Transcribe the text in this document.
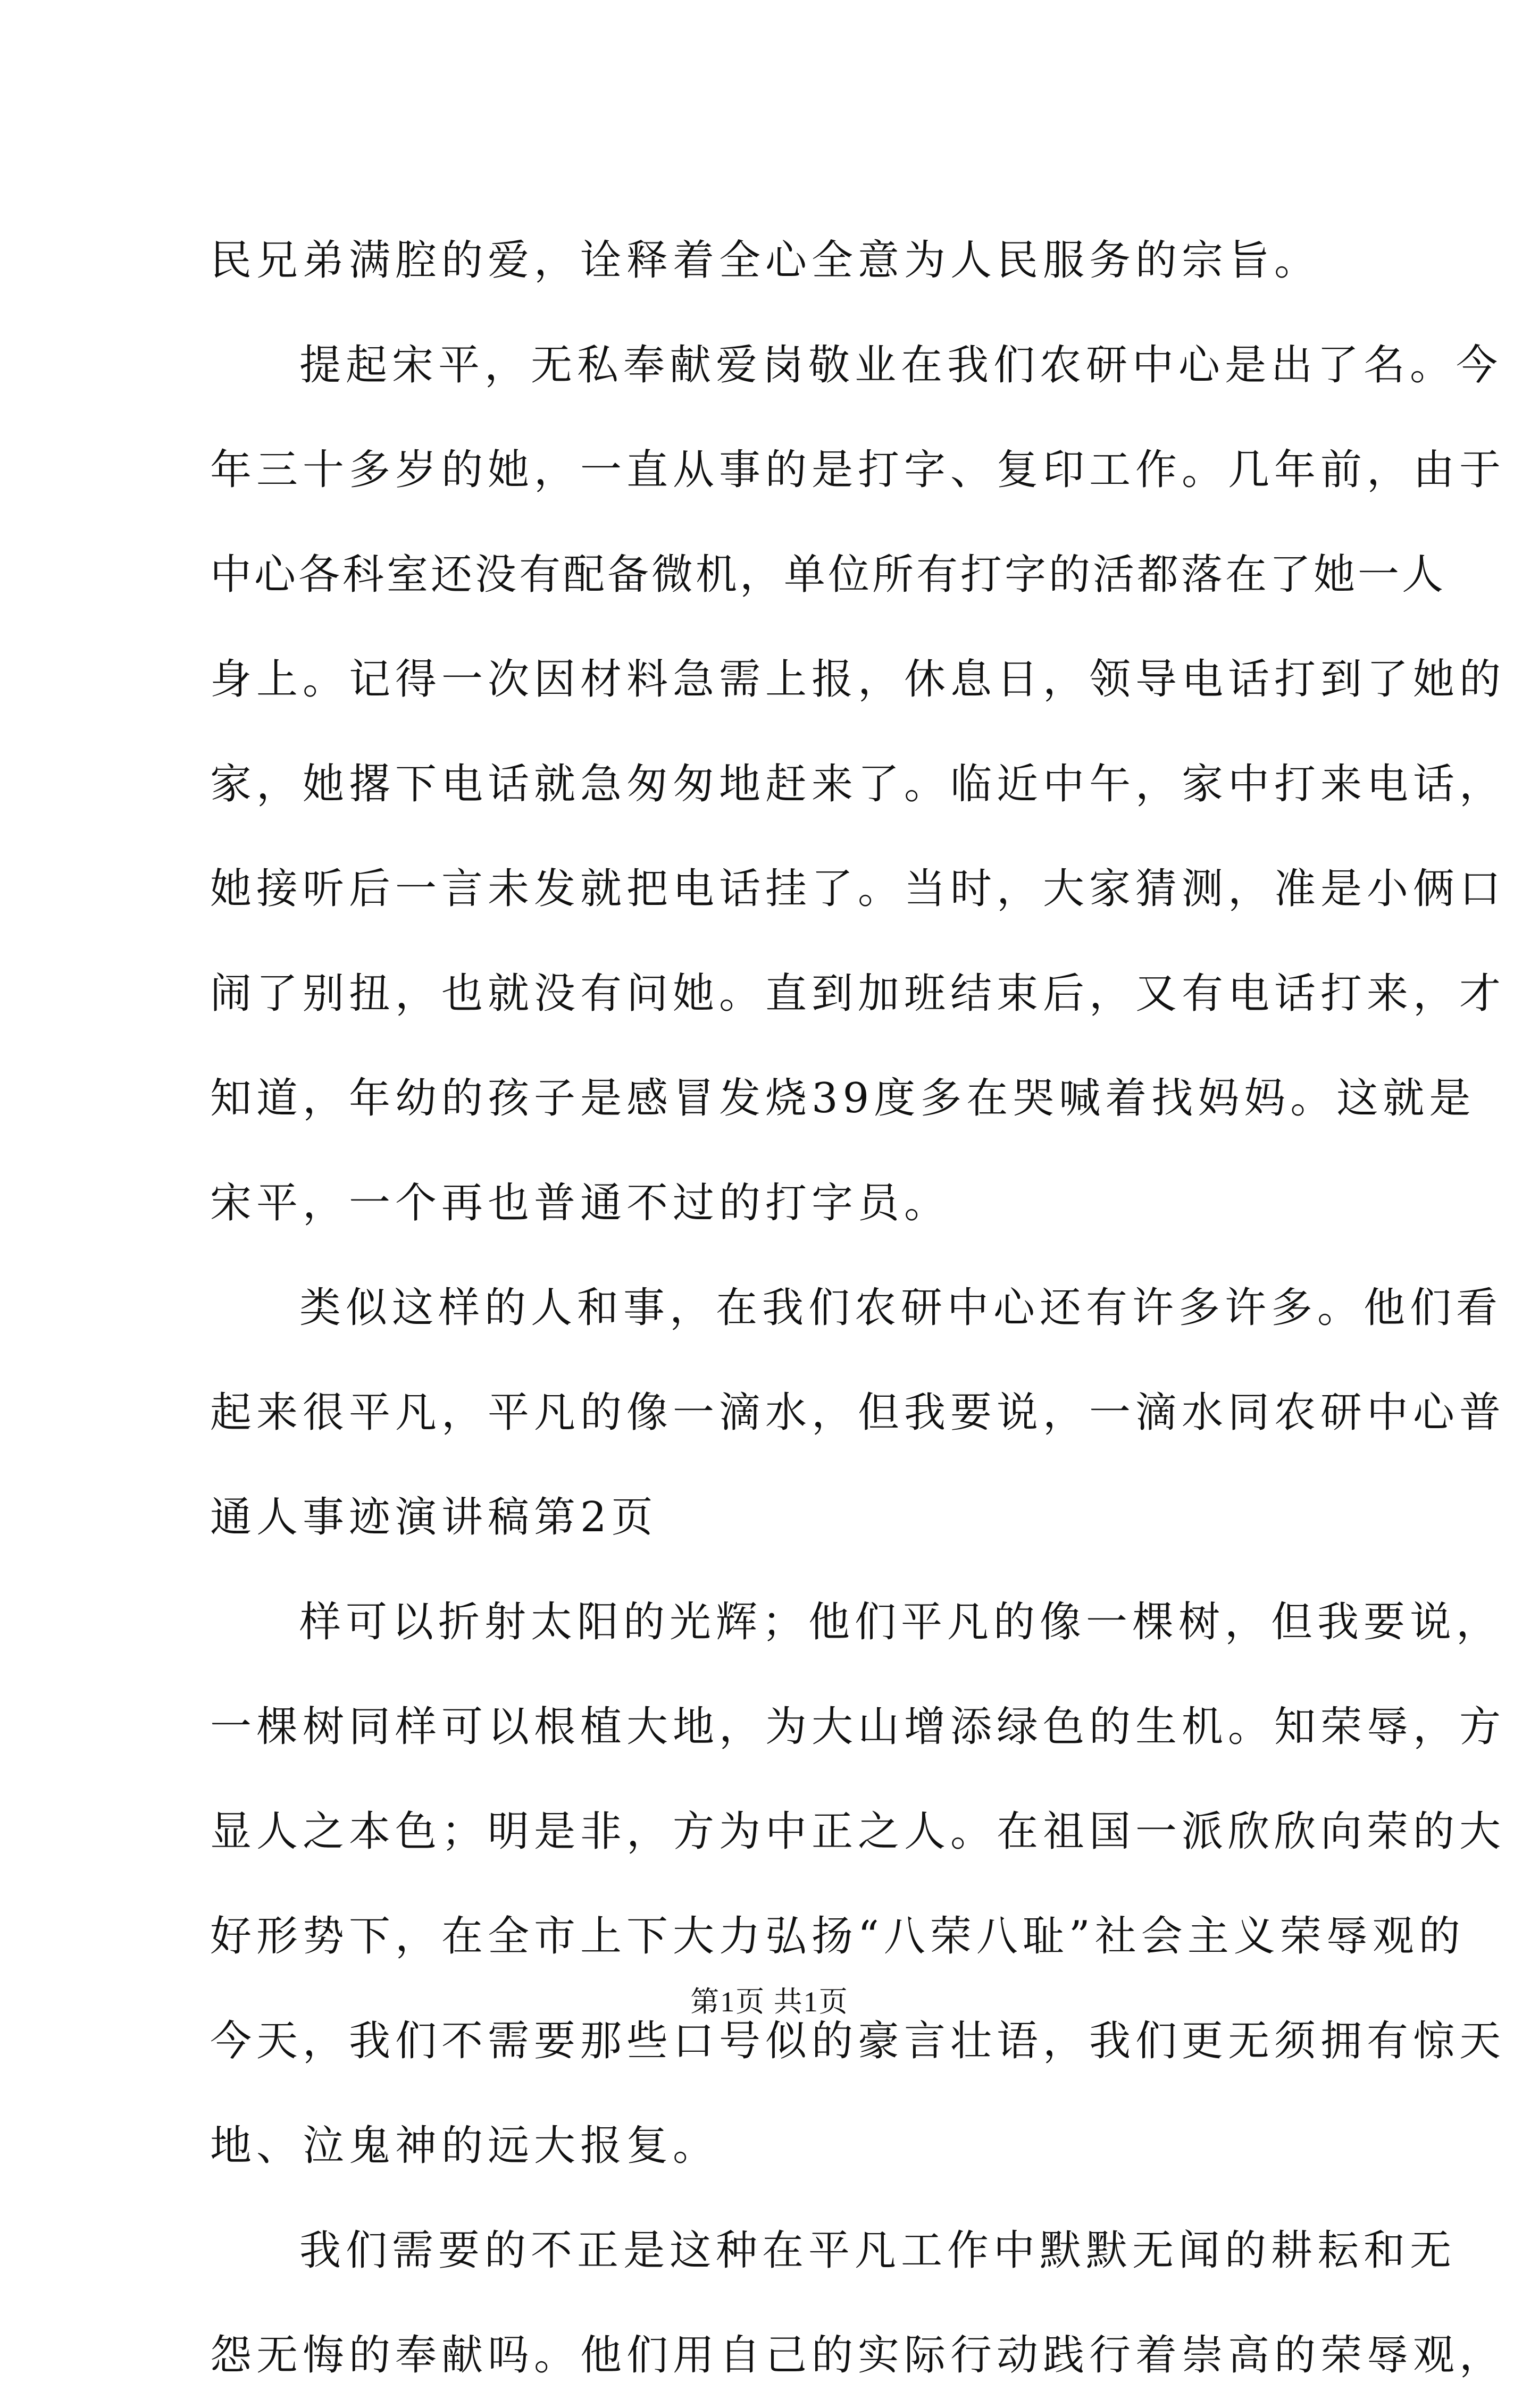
民兄弟满腔的爱，诠释着全心全意为人民服务的宗旨。
提起宋平，无私奉献爱岗敬业在我们农研中心是出了名。今
年三十多岁的她，一直从事的是打字、复印工作。几年前，由于
中心各科室还没有配备微机，单位所有打字的活都落在了她一人
身上。记得一次因材料急需上报，休息日，领导电话打到了她的
家，她撂下电话就急匆匆地赶来了。临近中午，家中打来电话，
她接听后一言未发就把电话挂了。当时，大家猜测，准是小俩口
闹了别扭，也就没有问她。直到加班结束后，又有电话打来，才
知道，年幼的孩子是感冒发烧39度多在哭喊着找妈妈。这就是
宋平，一个再也普通不过的打字员。
类似这样的人和事，在我们农研中心还有许多许多。他们看
起来很平凡，平凡的像一滴水，但我要说，一滴水同农研中心普
通人事迹演讲稿第2页
样可以折射太阳的光辉；他们平凡的像一棵树，但我要说，
一棵树同样可以根植大地，为大山增添绿色的生机。知荣辱，方
显人之本色；明是非，方为中正之人。在祖国一派欣欣向荣的大
好形势下，在全市上下大力弘扬“八荣八耻”社会主义荣辱观的
今天，我们不需要那些口号似的豪言壮语，我们更无须拥有惊天
地、泣鬼神的远大报复。
我们需要的不正是这种在平凡工作中默默无闻的耕耘和无
怨无悔的奉献吗。他们用自己的实际行动践行着崇高的荣辱观，
第1页 共1页
